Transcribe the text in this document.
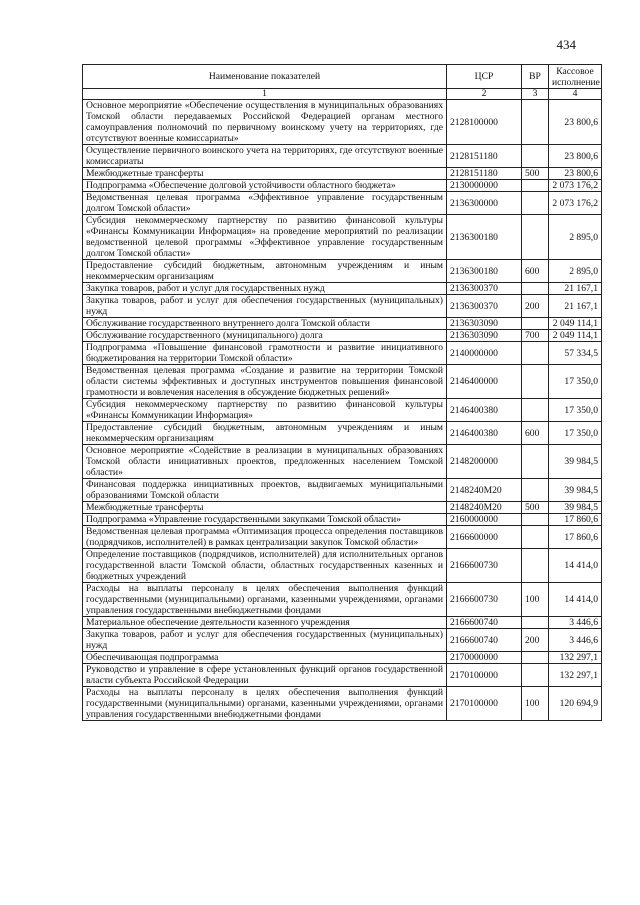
434
Наименование показателей	ЦСР	ВР	Кассовое исполнение
1	2	3	4
Основное мероприятие «Обеспечение осуществления в муниципальных образованиях Томской области передаваемых Российской Федерацией органам местного самоуправления полномочий по первичному воинскому учету на территориях, где отсутствуют военные комиссариаты»	2128100000		23 800,6
Осуществление первичного воинского учета на территориях, где отсутствуют военные комиссариаты	2128151180		23 800,6
Межбюджетные трансферты	2128151180	500	23 800,6
Подпрограмма «Обеспечение долговой устойчивости областного бюджета»	2130000000		2 073 176,2
Ведомственная целевая программа «Эффективное управление государственным долгом Томской области»	2136300000		2 073 176,2
Субсидия некоммерческому партнерству по развитию финансовой культуры «Финансы Коммуникации Информация» на проведение мероприятий по реализации ведомственной целевой программы «Эффективное управление государственным долгом Томской области»	2136300180		2 895,0
Предоставление субсидий бюджетным, автономным учреждениям и иным некоммерческим организациям	2136300180	600	2 895,0
Закупка товаров, работ и услуг для государственных нужд	2136300370		21 167,1
Закупка товаров, работ и услуг для обеспечения государственных (муниципальных) нужд	2136300370	200	21 167,1
Обслуживание государственного внутреннего долга Томской области	2136303090		2 049 114,1
Обслуживание государственного (муниципального) долга	2136303090	700	2 049 114,1
Подпрограмма «Повышение финансовой грамотности и развитие инициативного бюджетирования на территории Томской области»	2140000000		57 334,5
Ведомственная целевая программа «Создание и развитие на территории Томской области системы эффективных и доступных инструментов повышения финансовой грамотности и вовлечения населения в обсуждение бюджетных решений»	2146400000		17 350,0
Субсидия некоммерческому партнерству по развитию финансовой культуры «Финансы Коммуникации Информация»	2146400380		17 350,0
Предоставление субсидий бюджетным, автономным учреждениям и иным некоммерческим организациям	2146400380	600	17 350,0
Основное мероприятие «Содействие в реализации в муниципальных образованиях Томской области инициативных проектов, предложенных населением Томской области»	2148200000		39 984,5
Финансовая поддержка инициативных проектов, выдвигаемых муниципальными образованиями Томской области	2148240М20		39 984,5
Межбюджетные трансферты	2148240М20	500	39 984,5
Подпрограмма «Управление государственными закупками Томской области»	2160000000		17 860,6
Ведомственная целевая программа «Оптимизация процесса определения поставщиков (подрядчиков, исполнителей) в рамках централизации закупок Томской области»	2166600000		17 860,6
Определение поставщиков (подрядчиков, исполнителей) для исполнительных органов государственной власти Томской области, областных государственных казенных и бюджетных учреждений	2166600730		14 414,0
Расходы на выплаты персоналу в целях обеспечения выполнения функций государственными (муниципальными) органами, казенными учреждениями, органами управления государственными внебюджетными фондами	2166600730	100	14 414,0
Материальное обеспечение деятельности казенного учреждения	2166600740		3 446,6
Закупка товаров, работ и услуг для обеспечения государственных (муниципальных) нужд	2166600740	200	3 446,6
Обеспечивающая подпрограмма	2170000000		132 297,1
Руководство и управление в сфере установленных функций органов государственной власти субъекта Российской Федерации	2170100000		132 297,1
Расходы на выплаты персоналу в целях обеспечения выполнения функций государственными (муниципальными) органами, казенными учреждениями, органами управления государственными внебюджетными фондами	2170100000	100	120 694,9
